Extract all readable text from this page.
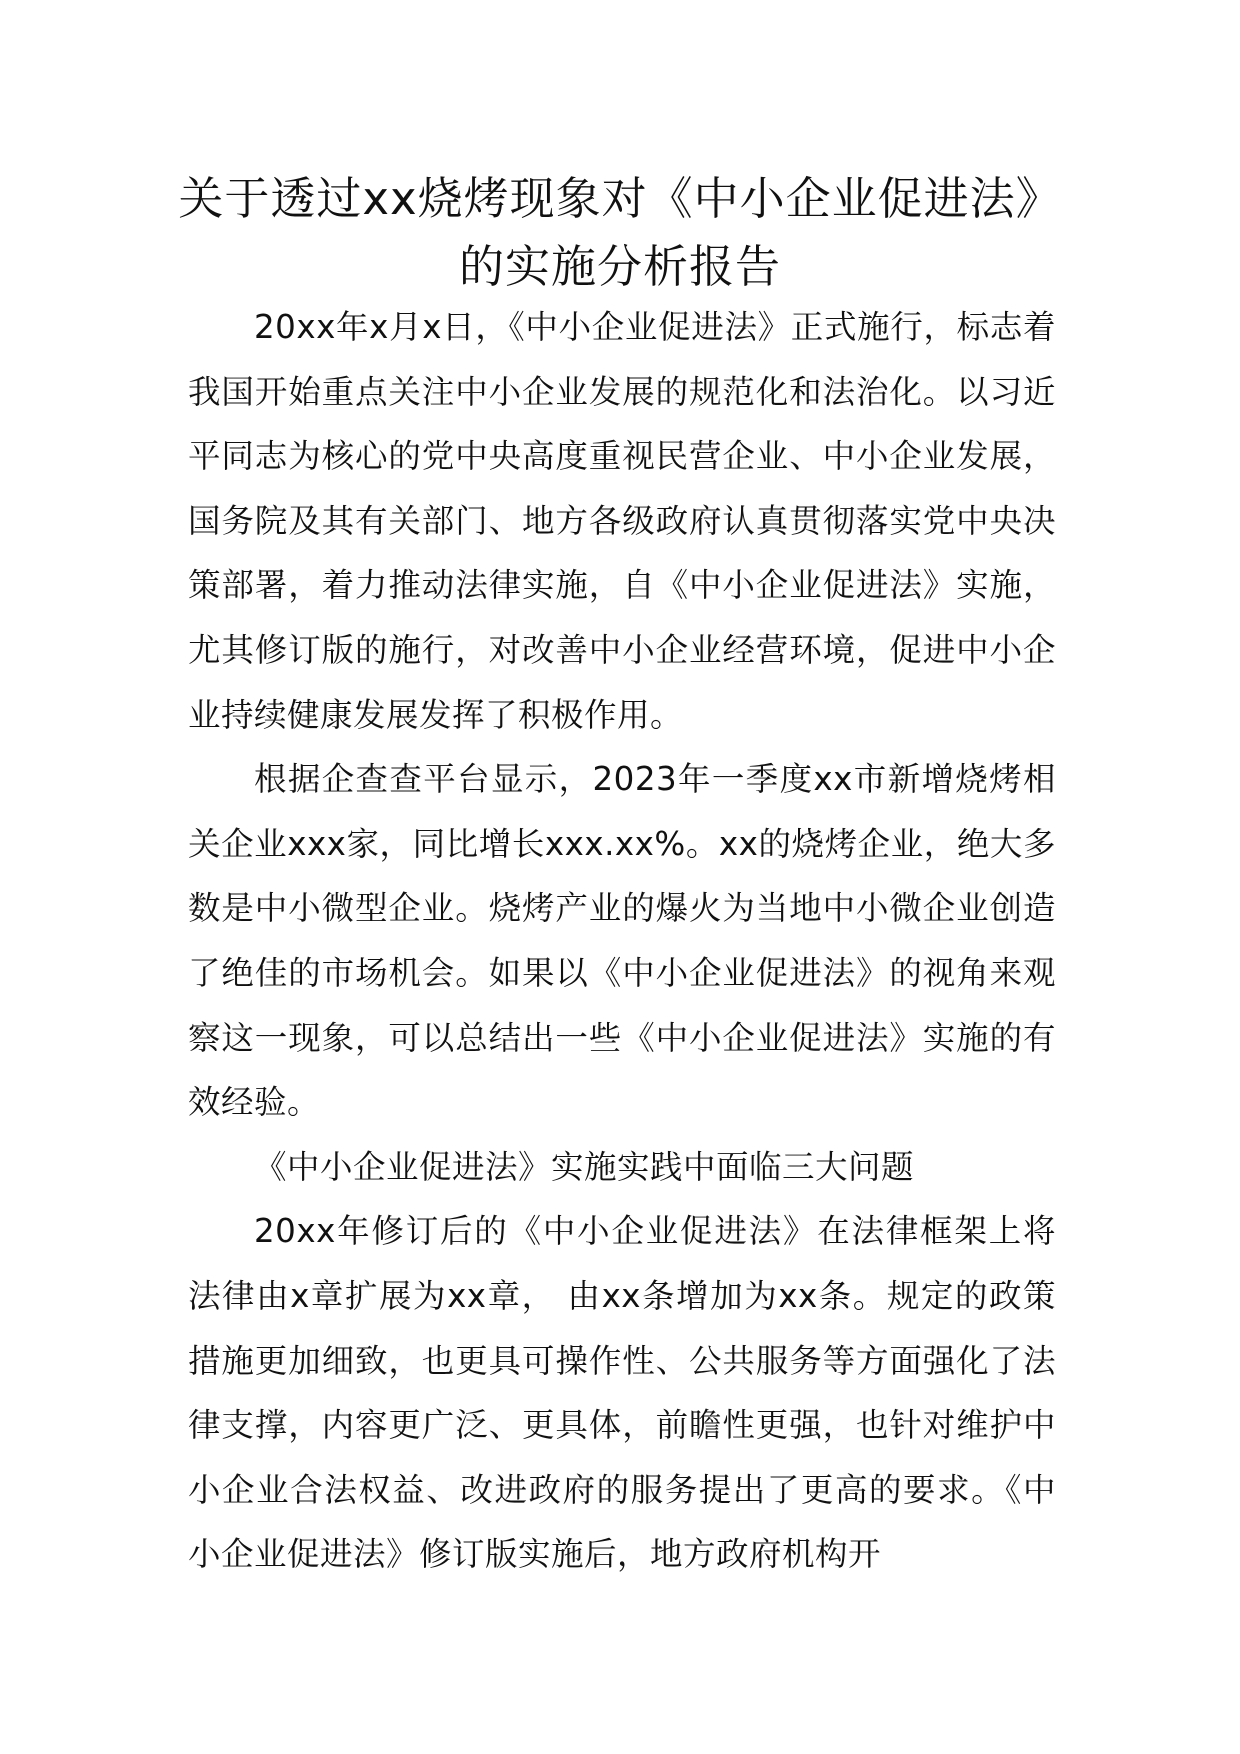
关于透过xx烧烤现象对《中小企业促进法》的实施分析报告

20xx年x月x日，《中小企业促进法》正式施行，标志着我国开始重点关注中小企业发展的规范化和法治化。以习近平同志为核心的党中央高度重视民营企业、中小企业发展，国务院及其有关部门、地方各级政府认真贯彻落实党中央决策部署，着力推动法律实施，自《中小企业促进法》实施，尤其修订版的施行，对改善中小企业经营环境，促进中小企业持续健康发展发挥了积极作用。

根据企查查平台显示，2023年一季度xx市新增烧烤相关企业xxx家，同比增长xxx.xx%。xx的烧烤企业，绝大多数是中小微型企业。烧烤产业的爆火为当地中小微企业创造了绝佳的市场机会。如果以《中小企业促进法》的视角来观察这一现象，可以总结出一些《中小企业促进法》实施的有效经验。

《中小企业促进法》实施实践中面临三大问题

20xx年修订后的《中小企业促进法》在法律框架上将法律由x章扩展为xx章， 由xx条增加为xx条。规定的政策措施更加细致，也更具可操作性、公共服务等方面强化了法律支撑，内容更广泛、更具体，前瞻性更强，也针对维护中小企业合法权益、改进政府的服务提出了更高的要求。《中小企业促进法》修订版实施后，地方政府机构开
